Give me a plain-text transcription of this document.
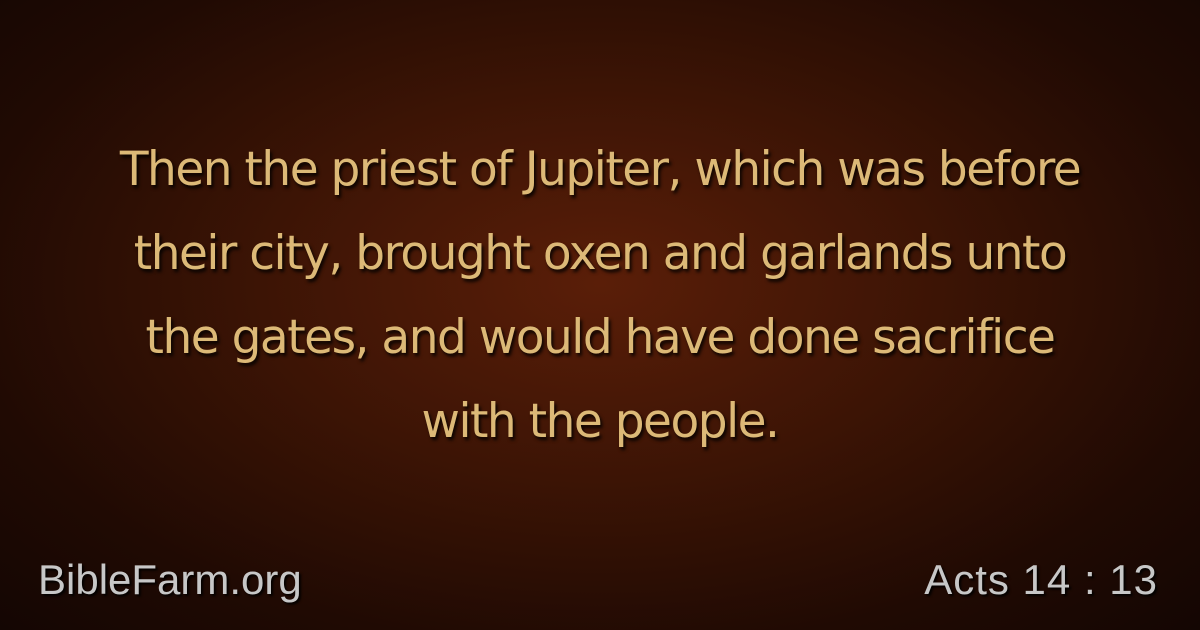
Then the priest of Jupiter, which was before
their city, brought oxen and garlands unto
the gates, and would have done sacrifice
with the people.
BibleFarm.org	Acts 14 : 13
